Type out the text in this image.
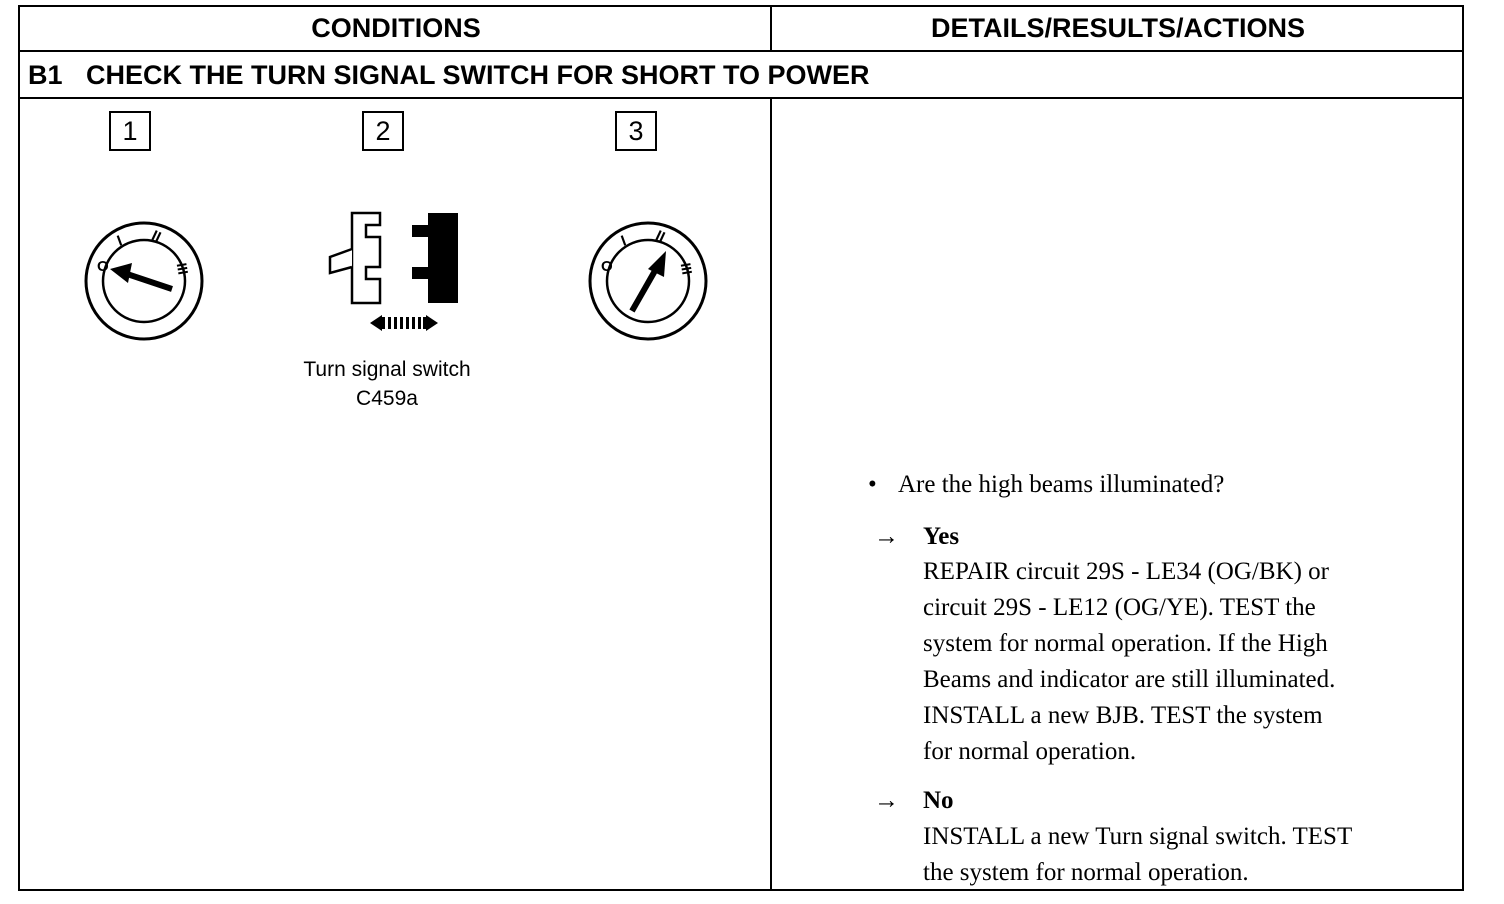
CONDITIONS	DETAILS/RESULTS/ACTIONS
B1 CHECK THE TURN SIGNAL SWITCH FOR SHORT TO POWER
1	2	3
O
I II
III
Turn signal switch
C459a
O
I II
III
• Are the high beams illuminated?
→ Yes
REPAIR circuit 29S - LE34 (OG/BK) or
circuit 29S - LE12 (OG/YE). TEST the
system for normal operation. If the High
Beams and indicator are still illuminated.
INSTALL a new BJB. TEST the system
for normal operation.
→ No
INSTALL a new Turn signal switch. TEST
the system for normal operation.
